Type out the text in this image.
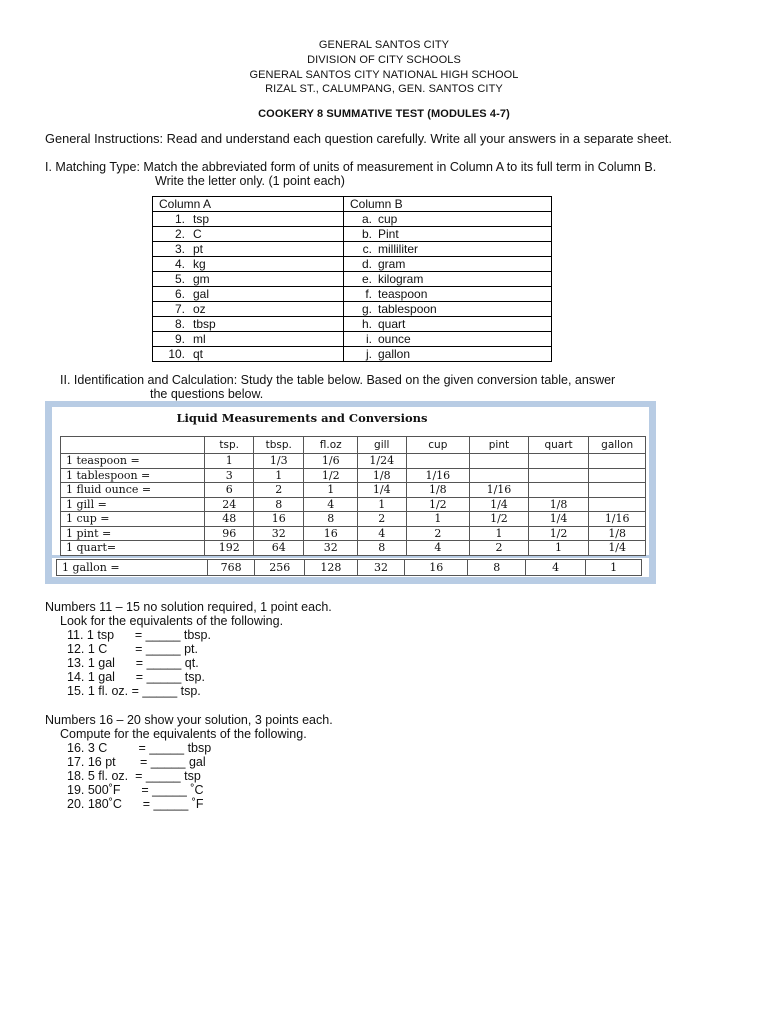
GENERAL SANTOS CITY
DIVISION OF CITY SCHOOLS
GENERAL SANTOS CITY NATIONAL HIGH SCHOOL
RIZAL ST., CALUMPANG, GEN. SANTOS CITY
COOKERY 8 SUMMATIVE TEST (MODULES 4-7)
General Instructions: Read and understand each question carefully. Write all your answers in a separate sheet.
I. Matching Type: Match the abbreviated form of units of measurement in Column A to its full term in Column B.
Write the letter only. (1 point each)
Column A	Column B
1. tsp	a. cup
2. C	b. Pint
3. pt	c. milliliter
4. kg	d. gram
5. gm	e. kilogram
6. gal	f. teaspoon
7. oz	g. tablespoon
8. tbsp	h. quart
9. ml	i. ounce
10. qt	j. gallon
II. Identification and Calculation: Study the table below. Based on the given conversion table, answer
the questions below.
Liquid Measurements and Conversions
	tsp.	tbsp.	fl.oz	gill	cup	pint	quart	gallon
1 teaspoon =	1	1/3	1/6	1/24				
1 tablespoon =	3	1	1/2	1/8	1/16			
1 fluid ounce =	6	2	1	1/4	1/8	1/16		
1 gill =	24	8	4	1	1/2	1/4	1/8	
1 cup =	48	16	8	2	1	1/2	1/4	1/16
1 pint =	96	32	16	4	2	1	1/2	1/8
1 quart=	192	64	32	8	4	2	1	1/4
1 gallon =	768	256	128	32	16	8	4	1
Numbers 11 – 15 no solution required, 1 point each.
Look for the equivalents of the following.
11. 1 tsp      = _____ tbsp.
12. 1 C        = _____ pt.
13. 1 gal      = _____ qt.
14. 1 gal      = _____ tsp.
15. 1 fl. oz. = _____ tsp.
Numbers 16 – 20 show your solution, 3 points each.
Compute for the equivalents of the following.
16. 3 C         = _____ tbsp
17. 16 pt       = _____ gal
18. 5 fl. oz.  = _____ tsp
19. 500˚F      = _____ ˚C
20. 180˚C      = _____ ˚F
